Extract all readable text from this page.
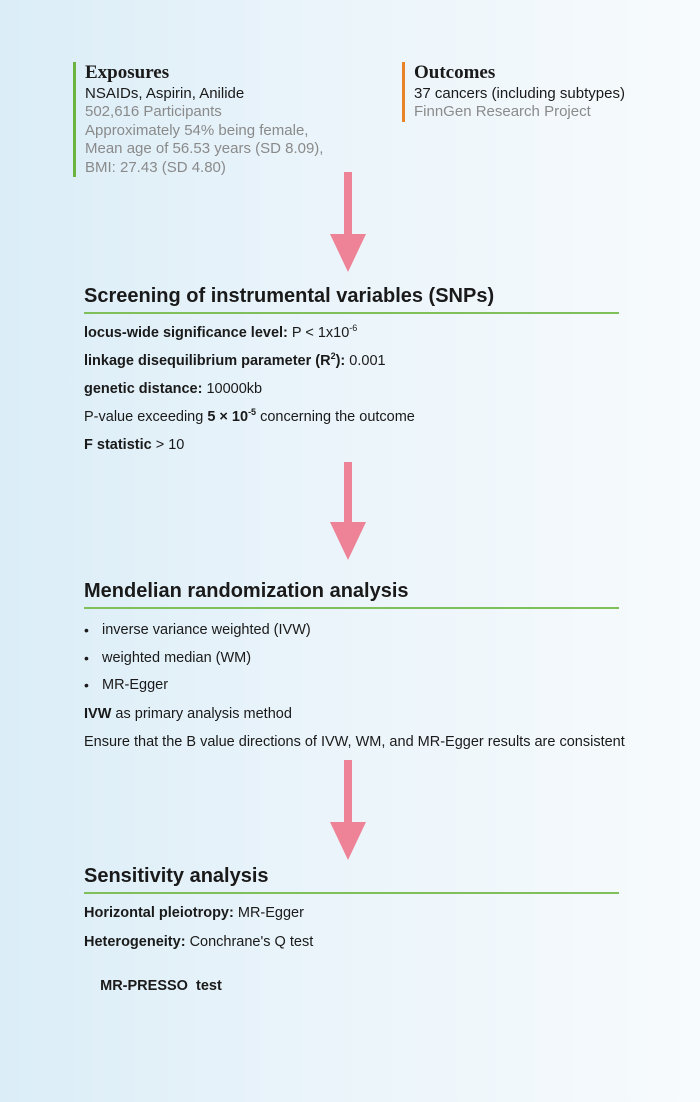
Exposures
NSAIDs, Aspirin, Anilide
502,616 Participants
Approximately 54% being female,
Mean age of 56.53 years (SD 8.09),
BMI: 27.43 (SD 4.80)
Outcomes
37 cancers (including subtypes)
FinnGen Research Project
Screening of instrumental variables (SNPs)
locus-wide significance level: $P < 1x10^{-6}$
linkage disequilibrium parameter $(R^2)$: 0.001
genetic distance: 10000kb
P-value exceeding $5 \times 10^{-5}$ concerning the outcome
F statistic > 10
Mendelian randomization analysis
• inverse variance weighted (IVW)
• weighted median (WM)
• MR-Egger
IVW as primary analysis method
Ensure that the B value directions of IVW, WM, and MR-Egger results are consistent
Sensitivity analysis
Horizontal pleiotropy: MR-Egger
Heterogeneity: Conchrane's Q test

MR-PRESSO  test
